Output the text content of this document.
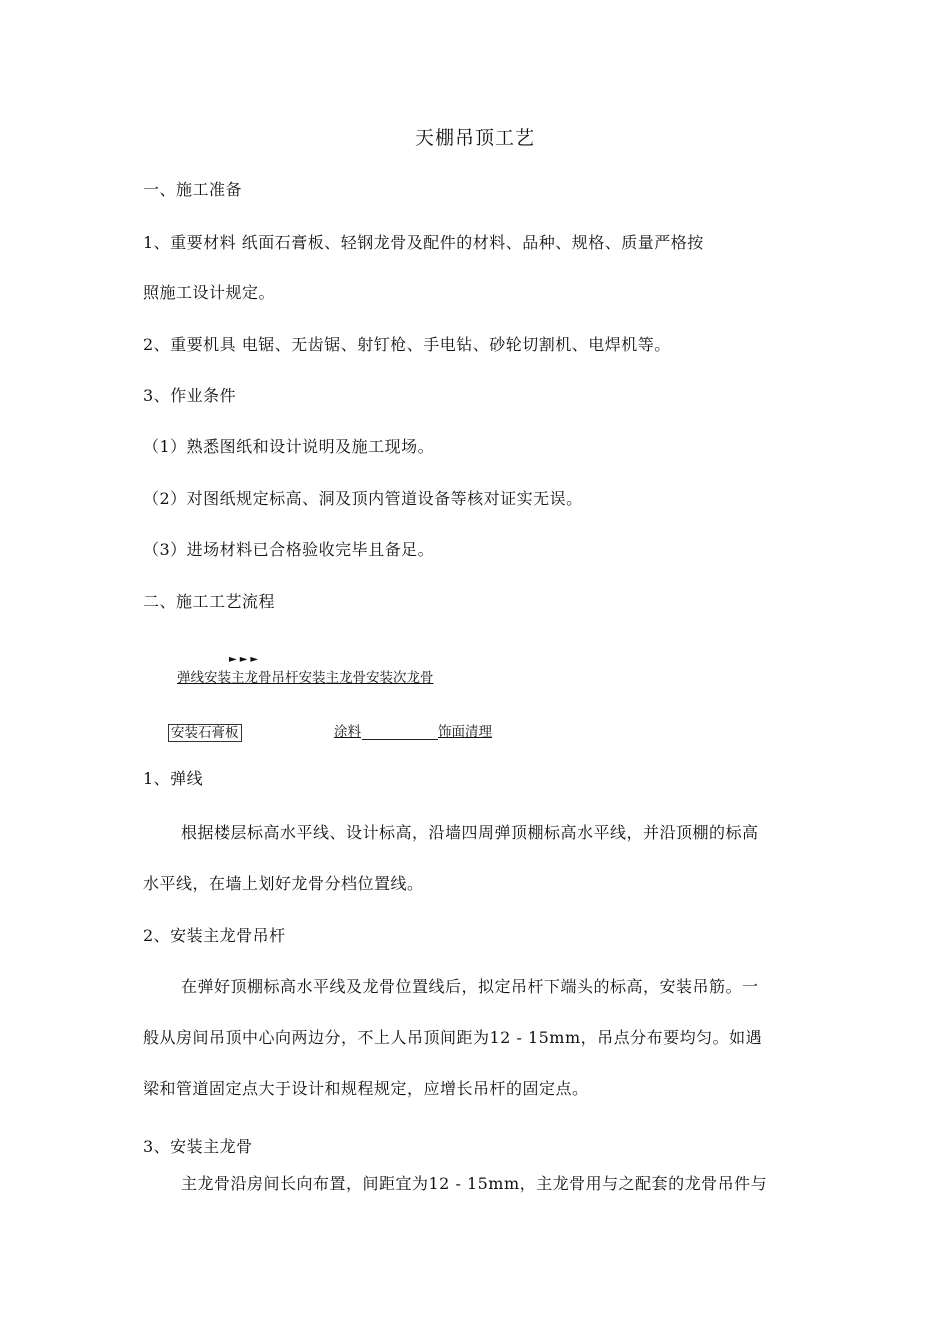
天棚吊顶工艺
一、施工准备
1、重要材料 纸面石膏板、轻钢龙骨及配件的材料、品种、规格、质量严格按
照施工设计规定。
2、重要机具 电锯、无齿锯、射钉枪、手电钻、砂轮切割机、电焊机等。
3、作业条件
（1）熟悉图纸和设计说明及施工现场。
（2）对图纸规定标高、洞及顶内管道设备等核对证实无误。
（3）进场材料已合格验收完毕且备足。
二、施工工艺流程
►►►
弹线安装主龙骨吊杆安装主龙骨安装次龙骨
安装石膏板	涂料	饰面清理
1、弹线
根据楼层标高水平线、设计标高，沿墙四周弹顶棚标高水平线，并沿顶棚的标高
水平线，在墙上划好龙骨分档位置线。
2、安装主龙骨吊杆
在弹好顶棚标高水平线及龙骨位置线后，拟定吊杆下端头的标高，安装吊筋。一
般从房间吊顶中心向两边分，不上人吊顶间距为12 - 15mm，吊点分布要均匀。如遇
梁和管道固定点大于设计和规程规定，应增长吊杆的固定点。
3、安装主龙骨
主龙骨沿房间长向布置，间距宜为12 - 15mm，主龙骨用与之配套的龙骨吊件与
